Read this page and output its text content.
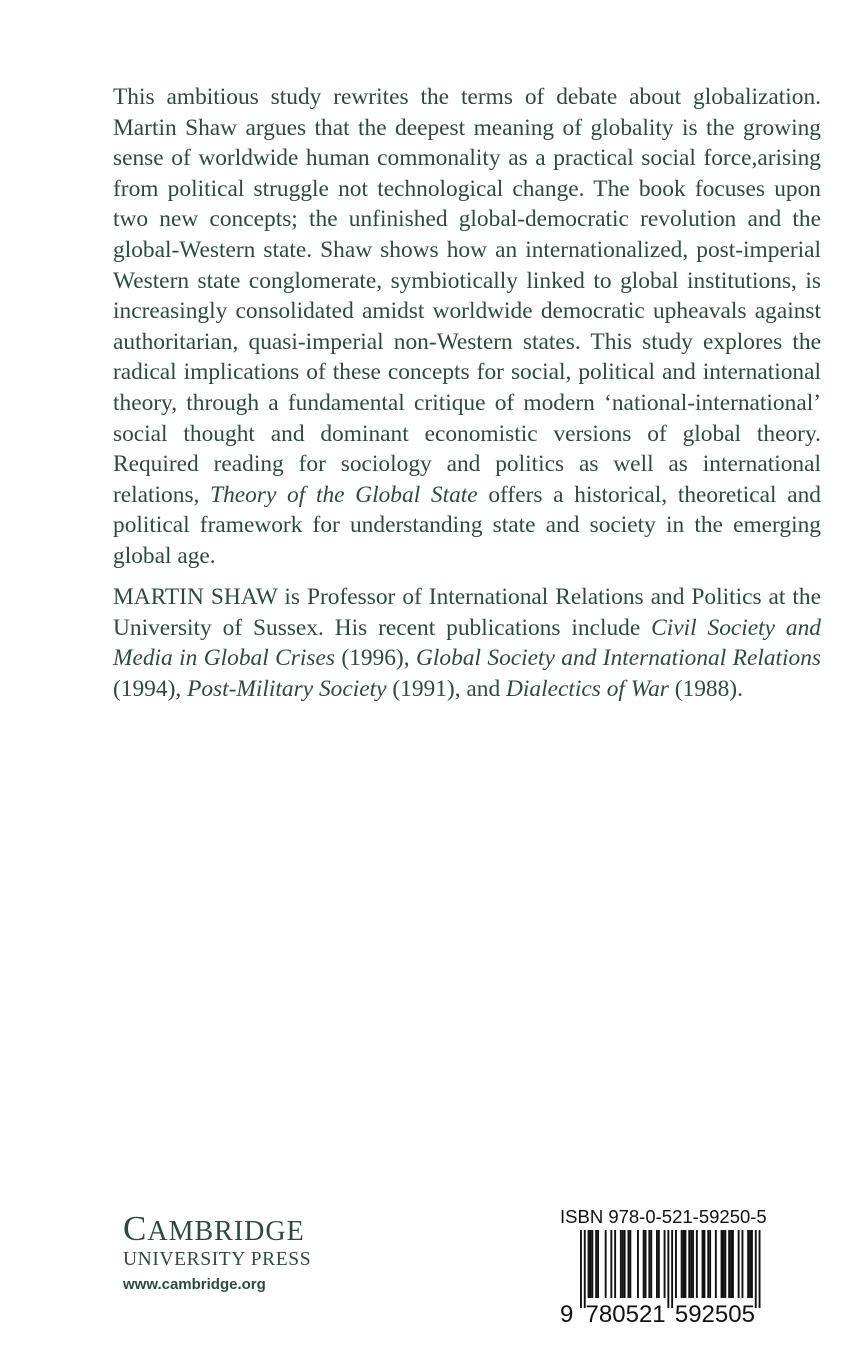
This ambitious study rewrites the terms of debate about globalization. Martin Shaw argues that the deepest meaning of globality is the growing sense of worldwide human commonality as a practical social force,arising from political struggle not technological change. The book focuses upon two new concepts; the unfinished global-democratic revolution and the global-Western state. Shaw shows how an internationalized, post-imperial Western state conglomerate, symbiotically linked to global institutions, is increasingly consolidated amidst worldwide democratic upheavals against authoritarian, quasi-imperial non-Western states. This study explores the radical implications of these concepts for social, political and international theory, through a fundamental critique of modern ‘national-international’ social thought and dominant economistic versions of global theory. Required reading for sociology and politics as well as international relations, Theory of the Global State offers a historical, theoretical and political framework for understanding state and society in the emerging global age.
MARTIN SHAW is Professor of International Relations and Politics at the University of Sussex. His recent publications include Civil Society and Media in Global Crises (1996), Global Society and International Relations (1994), Post-Military Society (1991), and Dialectics of War (1988).
CAMBRIDGE
UNIVERSITY PRESS
www.cambridge.org
ISBN 978-0-521-59250-5
9 780521 592505
